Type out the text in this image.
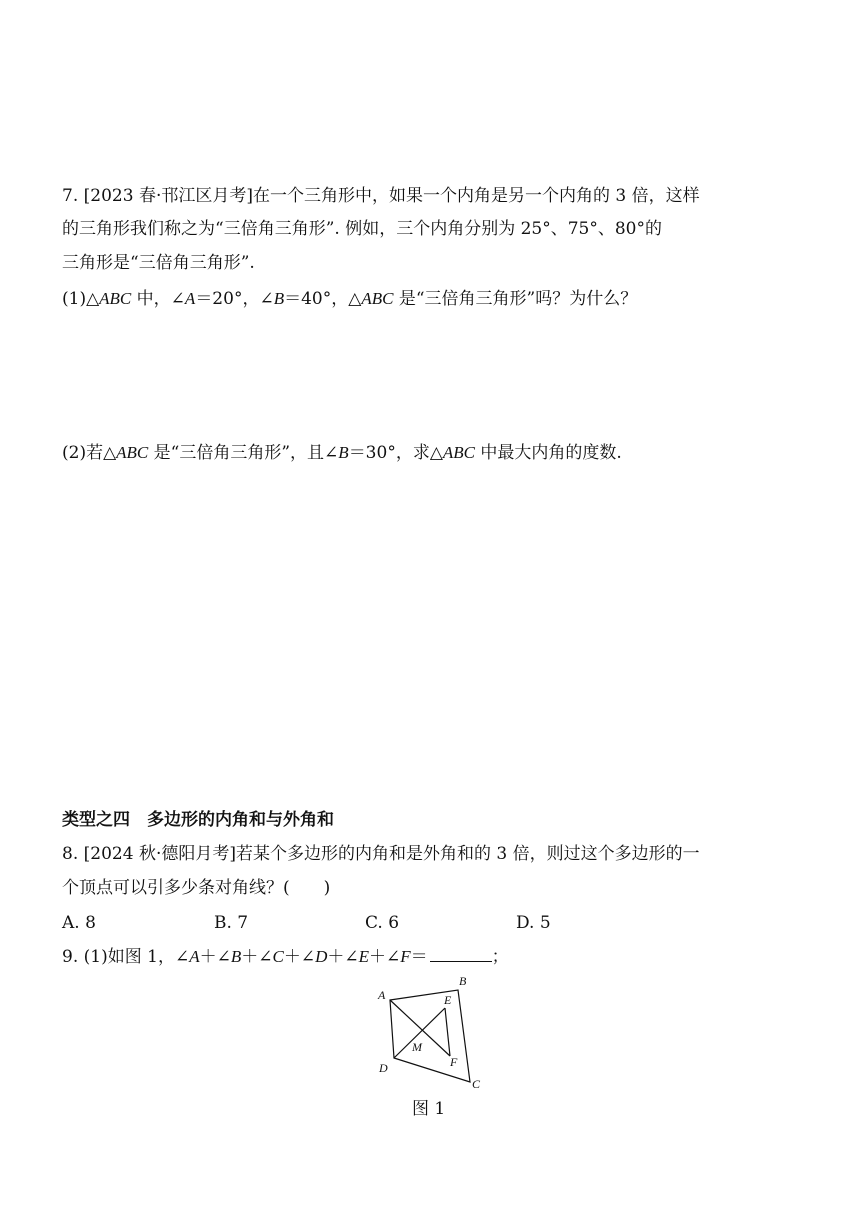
7. [2023 春·邗江区月考]在一个三角形中，如果一个内角是另一个内角的 3 倍，这样
的三角形我们称之为“三倍角三角形”. 例如，三个内角分别为 25°、75°、80°的
三角形是“三倍角三角形”.
(1)△ABC 中，∠A＝20°，∠B＝40°，△ABC 是“三倍角三角形”吗？为什么？
(2)若△ABC 是“三倍角三角形”，且∠B＝30°，求△ABC 中最大内角的度数.
类型之四　多边形的内角和与外角和
8. [2024 秋·德阳月考]若某个多边形的内角和是外角和的 3 倍，则过这个多边形的一
个顶点可以引多少条对角线？(　　)
A. 8	B. 7	C. 6	D. 5
9. (1)如图 1，∠A＋∠B＋∠C＋∠D＋∠E＋∠F＝	；
A
B
C
D
E
F
M
图 1
